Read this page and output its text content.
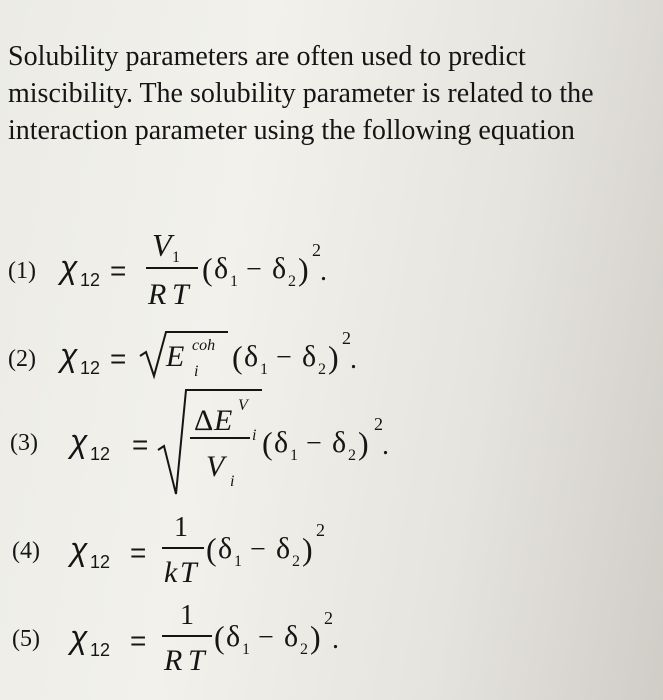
Solubility parameters are often used to predict miscibility. The solubility parameter is related to the interaction parameter using the following equation

(1) χ 12 =
V 1
R T
( δ 1 − δ 2 )
2
.
(2) χ 12 = E coh
i ( δ 1 − δ 2 )
2
.
(3) χ 12 =
Δ E V
i
V i
( δ 1 − δ 2 )
2
.
(4) χ 12 =
1
k T
( δ 1 − δ 2 )
2
(5) χ 12 =
1
R T
( δ 1 − δ 2 )
2
.
